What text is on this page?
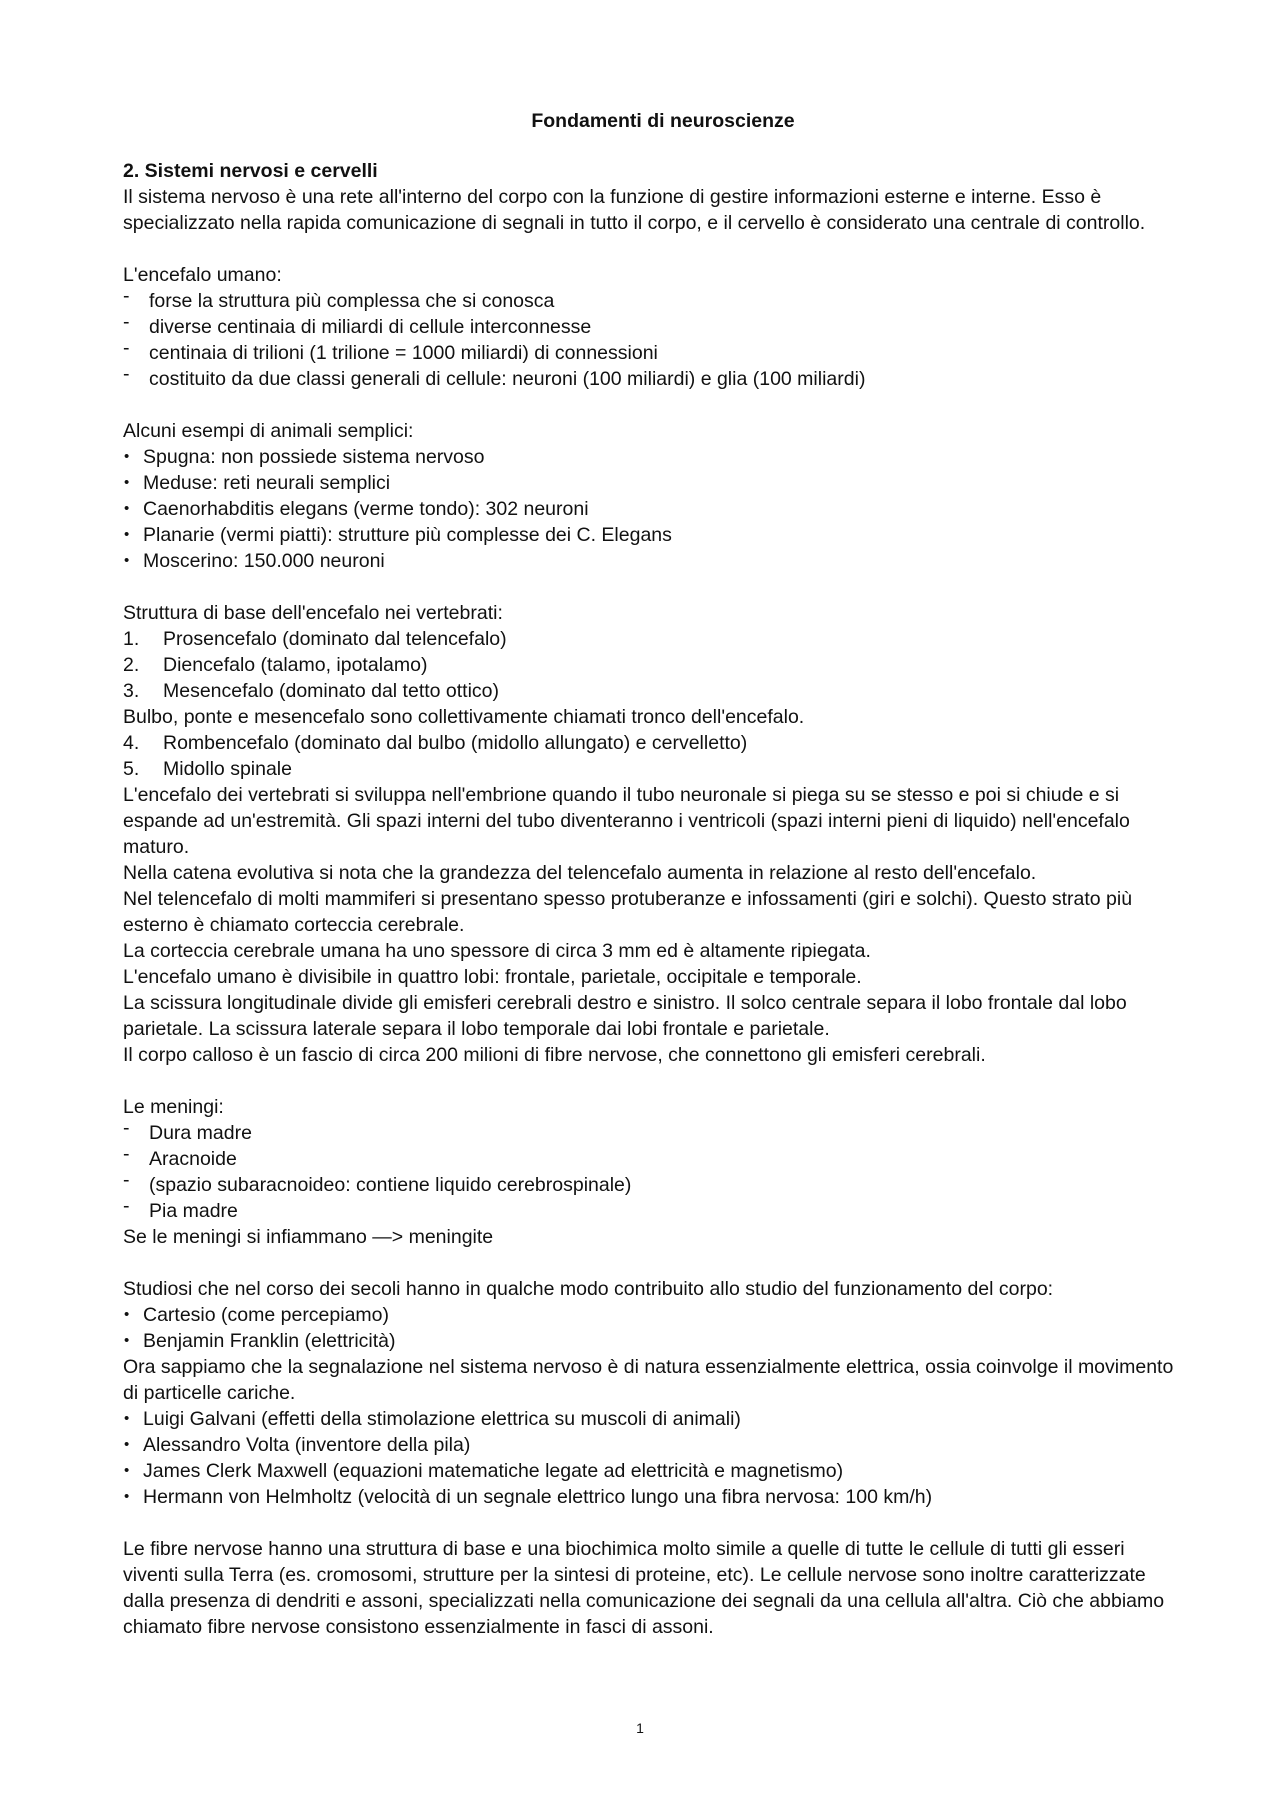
Fondamenti di neuroscienze

2. Sistemi nervosi e cervelli

Il sistema nervoso è una rete all'interno del corpo con la funzione di gestire informazioni esterne e interne. Esso è specializzato nella rapida comunicazione di segnali in tutto il corpo, e il cervello è considerato una centrale di controllo.

L'encefalo umano:

- forse la struttura più complessa che si conosca
- diverse centinaia di miliardi di cellule interconnesse
- centinaia di trilioni (1 trilione = 1000 miliardi) di connessioni
- costituito da due classi generali di cellule: neuroni (100 miliardi) e glia (100 miliardi)

Alcuni esempi di animali semplici:

• Spugna: non possiede sistema nervoso
• Meduse: reti neurali semplici
• Caenorhabditis elegans (verme tondo): 302 neuroni
• Planarie (vermi piatti): strutture più complesse dei C. Elegans
• Moscerino: 150.000 neuroni

Struttura di base dell'encefalo nei vertebrati:

1. Prosencefalo (dominato dal telencefalo)
2. Diencefalo (talamo, ipotalamo)
3. Mesencefalo (dominato dal tetto ottico)

Bulbo, ponte e mesencefalo sono collettivamente chiamati tronco dell'encefalo.

4. Rombencefalo (dominato dal bulbo (midollo allungato) e cervelletto)
5. Midollo spinale

L'encefalo dei vertebrati si sviluppa nell'embrione quando il tubo neuronale si piega su se stesso e poi si chiude e si espande ad un'estremità. Gli spazi interni del tubo diventeranno i ventricoli (spazi interni pieni di liquido) nell'encefalo maturo.

Nella catena evolutiva si nota che la grandezza del telencefalo aumenta in relazione al resto dell'encefalo.

Nel telencefalo di molti mammiferi si presentano spesso protuberanze e infossamenti (giri e solchi). Questo strato più esterno è chiamato corteccia cerebrale.

La corteccia cerebrale umana ha uno spessore di circa 3 mm ed è altamente ripiegata.

L'encefalo umano è divisibile in quattro lobi: frontale, parietale, occipitale e temporale.

La scissura longitudinale divide gli emisferi cerebrali destro e sinistro. Il solco centrale separa il lobo frontale dal lobo parietale. La scissura laterale separa il lobo temporale dai lobi frontale e parietale.

Il corpo calloso è un fascio di circa 200 milioni di fibre nervose, che connettono gli emisferi cerebrali.

Le meningi:

- Dura madre
- Aracnoide
- (spazio subaracnoideo: contiene liquido cerebrospinale)
- Pia madre

Se le meningi si infiammano —> meningite

Studiosi che nel corso dei secoli hanno in qualche modo contribuito allo studio del funzionamento del corpo:

• Cartesio (come percepiamo)
• Benjamin Franklin (elettricità)

Ora sappiamo che la segnalazione nel sistema nervoso è di natura essenzialmente elettrica, ossia coinvolge il movimento di particelle cariche.

• Luigi Galvani (effetti della stimolazione elettrica su muscoli di animali)
• Alessandro Volta (inventore della pila)
• James Clerk Maxwell (equazioni matematiche legate ad elettricità e magnetismo)
• Hermann von Helmholtz (velocità di un segnale elettrico lungo una fibra nervosa: 100 km/h)

Le fibre nervose hanno una struttura di base e una biochimica molto simile a quelle di tutte le cellule di tutti gli esseri viventi sulla Terra (es. cromosomi, strutture per la sintesi di proteine, etc). Le cellule nervose sono inoltre caratterizzate dalla presenza di dendriti e assoni, specializzati nella comunicazione dei segnali da una cellula all'altra. Ciò che abbiamo chiamato fibre nervose consistono essenzialmente in fasci di assoni.

1
